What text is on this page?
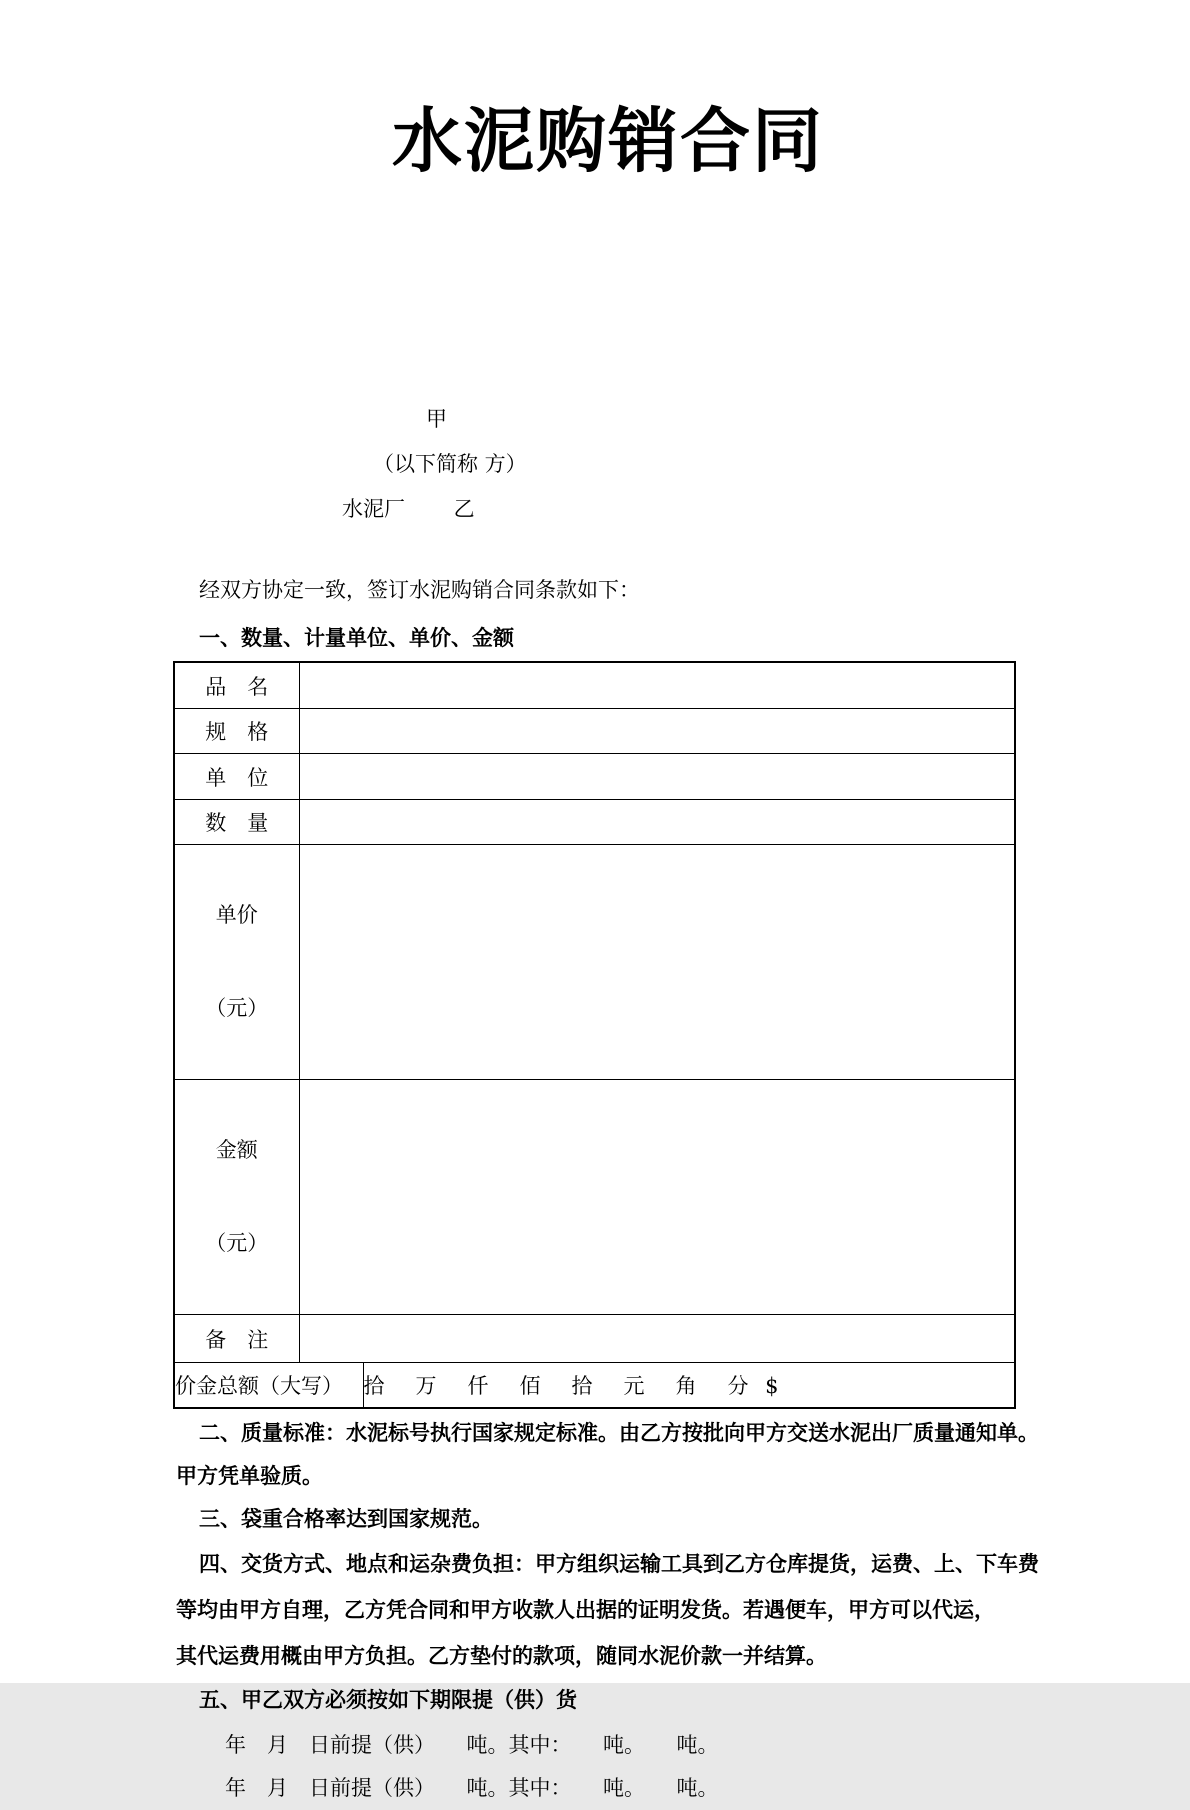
水泥购销合同
甲
（以下简称 方）
水泥厂　　 乙
经双方协定一致，签订水泥购销合同条款如下：
一、数量、计量单位、单价、金额
品　名		
规　格		
单　位		
数　量		

单价

（元）		

金额

（元）		

备　注		
价金总额（大写）		拾　万　仟　佰　拾　元　角　分 $
二、质量标准：水泥标号执行国家规定标准。由乙方按批向甲方交送水泥出厂质量通知单。
甲方凭单验质。
三、袋重合格率达到国家规范。
四、交货方式、地点和运杂费负担：甲方组织运输工具到乙方仓库提货，运费、上、下车费
等均由甲方自理，乙方凭合同和甲方收款人出据的证明发货。若遇便车，甲方可以代运，
其代运费用概由甲方负担。乙方垫付的款项，随同水泥价款一并结算。
五、甲乙双方必须按如下期限提（供）货
年　月　日前提（供）　　吨。其中：　　吨。　　吨。
年　月　日前提（供）　　吨。其中：　　吨。　　吨。
